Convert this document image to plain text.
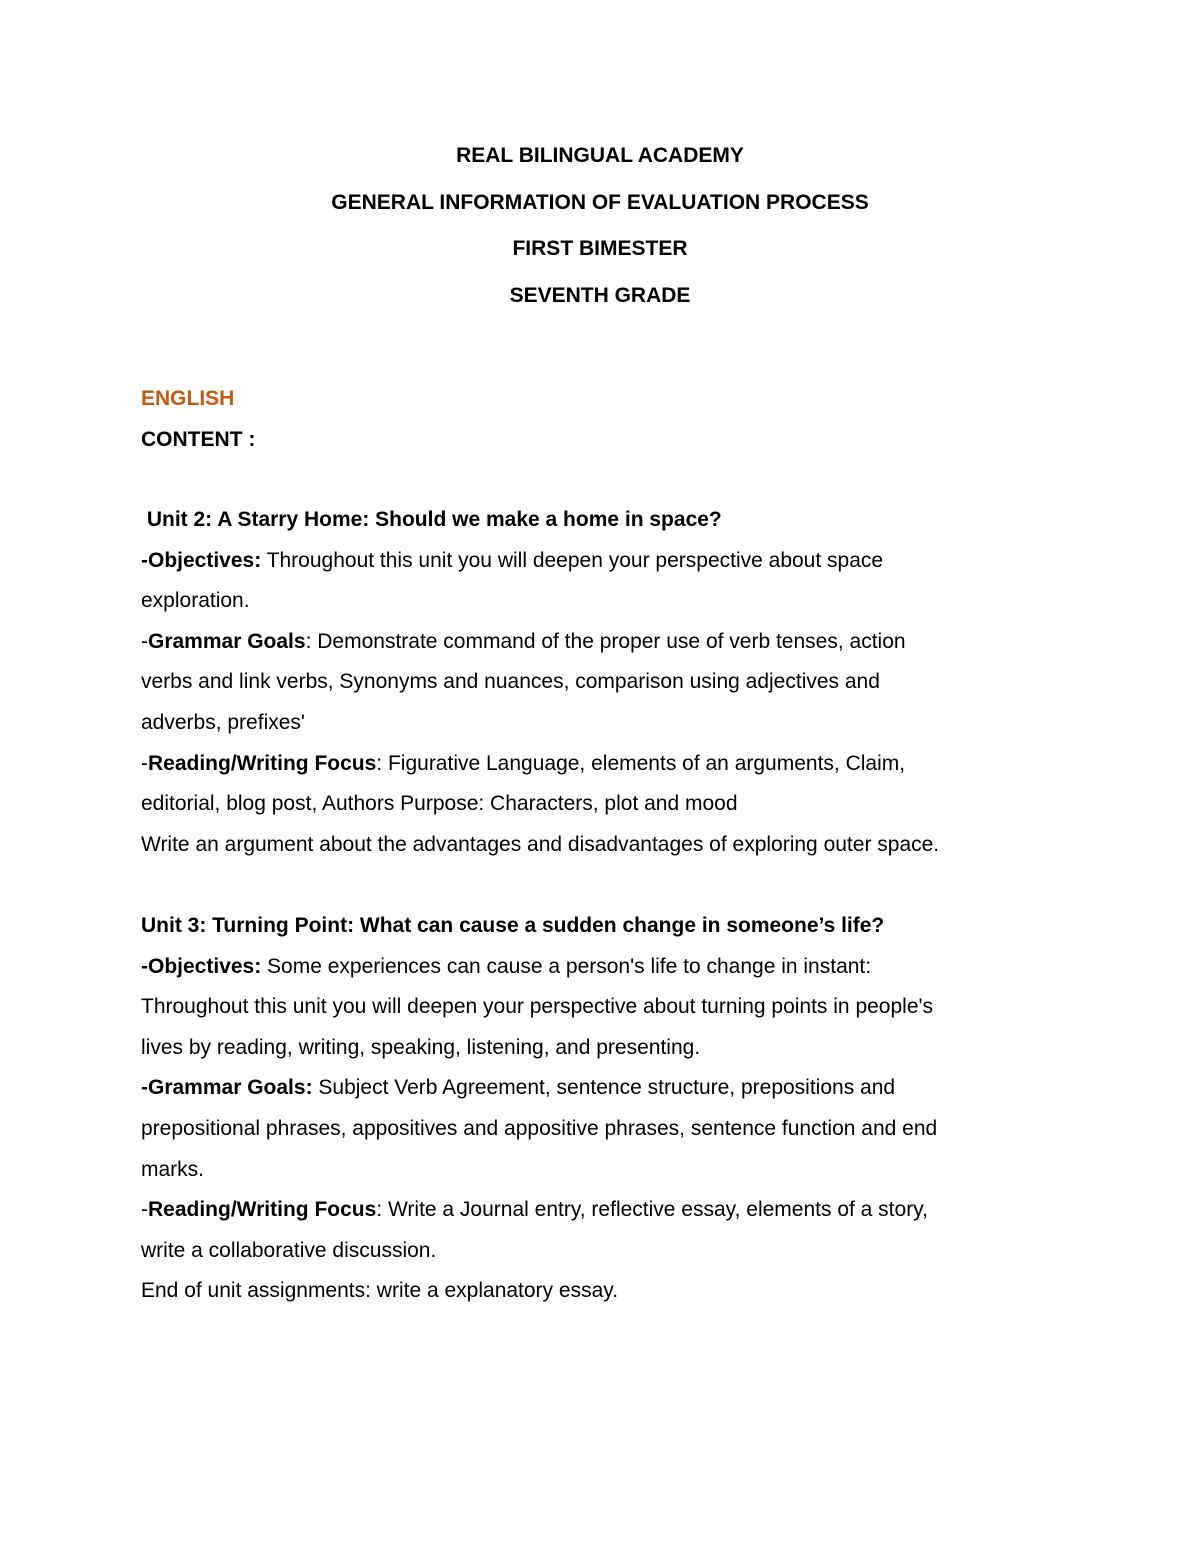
REAL BILINGUAL ACADEMY
GENERAL INFORMATION OF EVALUATION PROCESS
FIRST BIMESTER
SEVENTH GRADE
ENGLISH
CONTENT :
Unit 2: A Starry Home: Should we make a home in space?
-Objectives: Throughout this unit you will deepen your perspective about space
exploration.
-Grammar Goals: Demonstrate command of the proper use of verb tenses, action
verbs and link verbs, Synonyms and nuances, comparison using adjectives and
adverbs, prefixes'
-Reading/Writing Focus: Figurative Language, elements of an arguments, Claim,
editorial, blog post, Authors Purpose: Characters, plot and mood
Write an argument about the advantages and disadvantages of exploring outer space.
Unit 3: Turning Point: What can cause a sudden change in someone’s life?
-Objectives: Some experiences can cause a person's life to change in instant:
Throughout this unit you will deepen your perspective about turning points in people's
lives by reading, writing, speaking, listening, and presenting.
-Grammar Goals: Subject Verb Agreement, sentence structure, prepositions and
prepositional phrases, appositives and appositive phrases, sentence function and end
marks.
-Reading/Writing Focus: Write a Journal entry, reflective essay, elements of a story,
write a collaborative discussion.
End of unit assignments: write a explanatory essay.
